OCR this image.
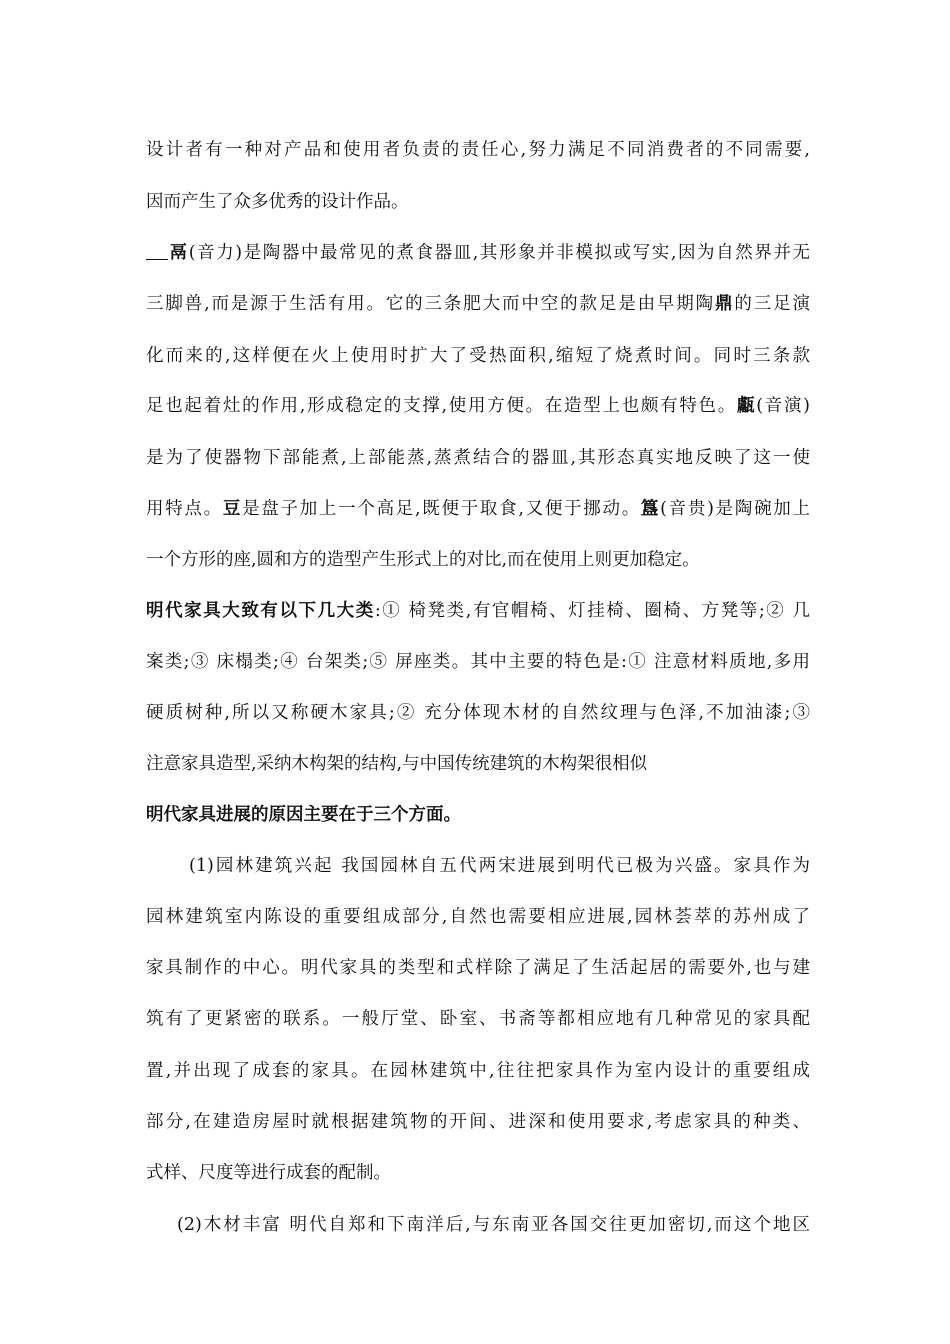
设计者有一种对产品和使用者负责的责任心,努力满足不同消费者的不同需要,
因而产生了众多优秀的设计作品。
鬲(音力)是陶器中最常见的煮食器皿,其形象并非模拟或写实,因为自然界并无
三脚兽,而是源于生活有用。它的三条肥大而中空的款足是由早期陶鼎的三足演
化而来的,这样便在火上使用时扩大了受热面积,缩短了烧煮时间。同时三条款
足也起着灶的作用,形成稳定的支撑,使用方便。在造型上也颇有特色。甗(音演)
是为了使器物下部能煮,上部能蒸,蒸煮结合的器皿,其形态真实地反映了这一使
用特点。豆是盘子加上一个高足,既便于取食,又便于挪动。簋(音贵)是陶碗加上
一个方形的座,圆和方的造型产生形式上的对比,而在使用上则更加稳定。
明代家具大致有以下几大类:① 椅凳类,有官帽椅、灯挂椅、圈椅、方凳等;② 几
案类;③ 床榻类;④ 台架类;⑤ 屏座类。其中主要的特色是:① 注意材料质地,多用
硬质树种,所以又称硬木家具;② 充分体现木材的自然纹理与色泽,不加油漆;③
注意家具造型,采纳木构架的结构,与中国传统建筑的木构架很相似
明代家具进展的原因主要在于三个方面。
(1)园林建筑兴起 我国园林自五代两宋进展到明代已极为兴盛。家具作为
园林建筑室内陈设的重要组成部分,自然也需要相应进展,园林荟萃的苏州成了
家具制作的中心。明代家具的类型和式样除了满足了生活起居的需要外,也与建
筑有了更紧密的联系。一般厅堂、卧室、书斋等都相应地有几种常见的家具配
置,并出现了成套的家具。在园林建筑中,往往把家具作为室内设计的重要组成
部分,在建造房屋时就根据建筑物的开间、进深和使用要求,考虑家具的种类、
式样、尺度等进行成套的配制。
(2)木材丰富 明代自郑和下南洋后,与东南亚各国交往更加密切,而这个地区
